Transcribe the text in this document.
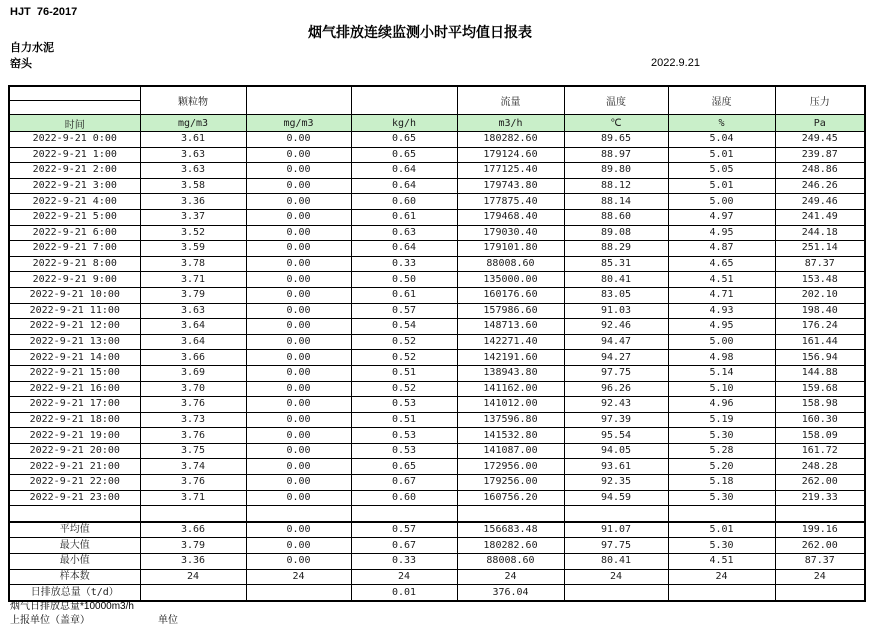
HJT  76-2017
烟气排放连续监测小时平均值日报表
自力水泥
窑头	2022.9.21
	颗粒物			流量	温度	湿度	压力
时间	mg/m3	mg/m3	kg/h	m3/h	℃	%	Pa
2022-9-21 0:00	3.61	0.00	0.65	180282.60	89.65	5.04	249.45
2022-9-21 1:00	3.63	0.00	0.65	179124.60	88.97	5.01	239.87
2022-9-21 2:00	3.63	0.00	0.64	177125.40	89.80	5.05	248.86
2022-9-21 3:00	3.58	0.00	0.64	179743.80	88.12	5.01	246.26
2022-9-21 4:00	3.36	0.00	0.60	177875.40	88.14	5.00	249.46
2022-9-21 5:00	3.37	0.00	0.61	179468.40	88.60	4.97	241.49
2022-9-21 6:00	3.52	0.00	0.63	179030.40	89.08	4.95	244.18
2022-9-21 7:00	3.59	0.00	0.64	179101.80	88.29	4.87	251.14
2022-9-21 8:00	3.78	0.00	0.33	88008.60	85.31	4.65	87.37
2022-9-21 9:00	3.71	0.00	0.50	135000.00	80.41	4.51	153.48
2022-9-21 10:00	3.79	0.00	0.61	160176.60	83.05	4.71	202.10
2022-9-21 11:00	3.63	0.00	0.57	157986.60	91.03	4.93	198.40
2022-9-21 12:00	3.64	0.00	0.54	148713.60	92.46	4.95	176.24
2022-9-21 13:00	3.64	0.00	0.52	142271.40	94.47	5.00	161.44
2022-9-21 14:00	3.66	0.00	0.52	142191.60	94.27	4.98	156.94
2022-9-21 15:00	3.69	0.00	0.51	138943.80	97.75	5.14	144.88
2022-9-21 16:00	3.70	0.00	0.52	141162.00	96.26	5.10	159.68
2022-9-21 17:00	3.76	0.00	0.53	141012.00	92.43	4.96	158.98
2022-9-21 18:00	3.73	0.00	0.51	137596.80	97.39	5.19	160.30
2022-9-21 19:00	3.76	0.00	0.53	141532.80	95.54	5.30	158.09
2022-9-21 20:00	3.75	0.00	0.53	141087.00	94.05	5.28	161.72
2022-9-21 21:00	3.74	0.00	0.65	172956.00	93.61	5.20	248.28
2022-9-21 22:00	3.76	0.00	0.67	179256.00	92.35	5.18	262.00
2022-9-21 23:00	3.71	0.00	0.60	160756.20	94.59	5.30	219.33

平均值	3.66	0.00	0.57	156683.48	91.07	5.01	199.16
最大值	3.79	0.00	0.67	180282.60	97.75	5.30	262.00
最小值	3.36	0.00	0.33	88008.60	80.41	4.51	87.37
样本数	24	24	24	24	24	24	24
日排放总量（t/d）			0.01	376.04			
烟气日排放总量*10000m3/h
上报单位（盖章）	单位
